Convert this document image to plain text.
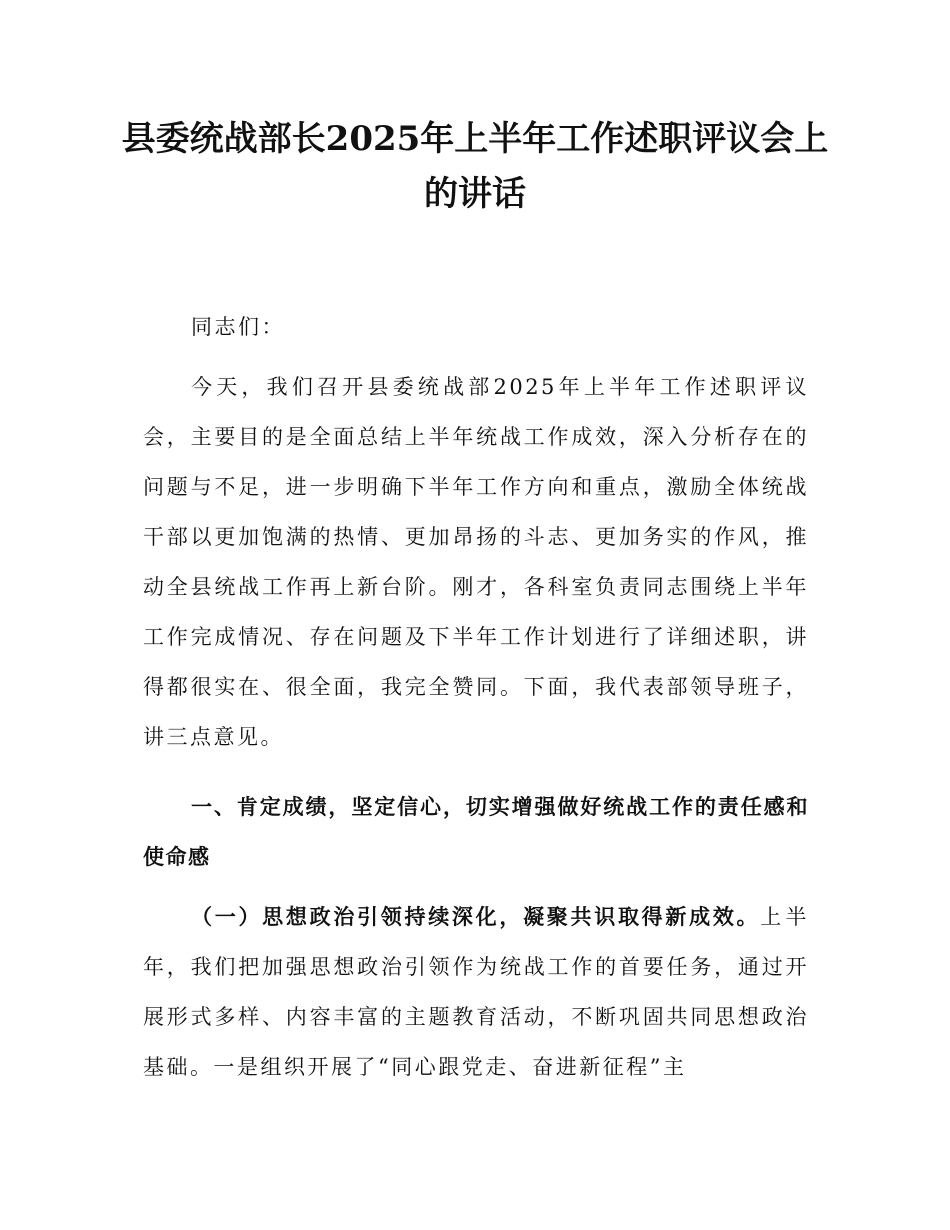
县委统战部长2025年上半年工作述职评议会上的讲话

同志们：

今天，我们召开县委统战部2025年上半年工作述职评议会，主要目的是全面总结上半年统战工作成效，深入分析存在的问题与不足，进一步明确下半年工作方向和重点，激励全体统战干部以更加饱满的热情、更加昂扬的斗志、更加务实的作风，推动全县统战工作再上新台阶。刚才，各科室负责同志围绕上半年工作完成情况、存在问题及下半年工作计划进行了详细述职，讲得都很实在、很全面，我完全赞同。下面，我代表部领导班子，讲三点意见。

一、肯定成绩，坚定信心，切实增强做好统战工作的责任感和使命感

（一）思想政治引领持续深化，凝聚共识取得新成效。上半年，我们把加强思想政治引领作为统战工作的首要任务，通过开展形式多样、内容丰富的主题教育活动，不断巩固共同思想政治基础。一是组织开展了“同心跟党走、奋进新征程”主
